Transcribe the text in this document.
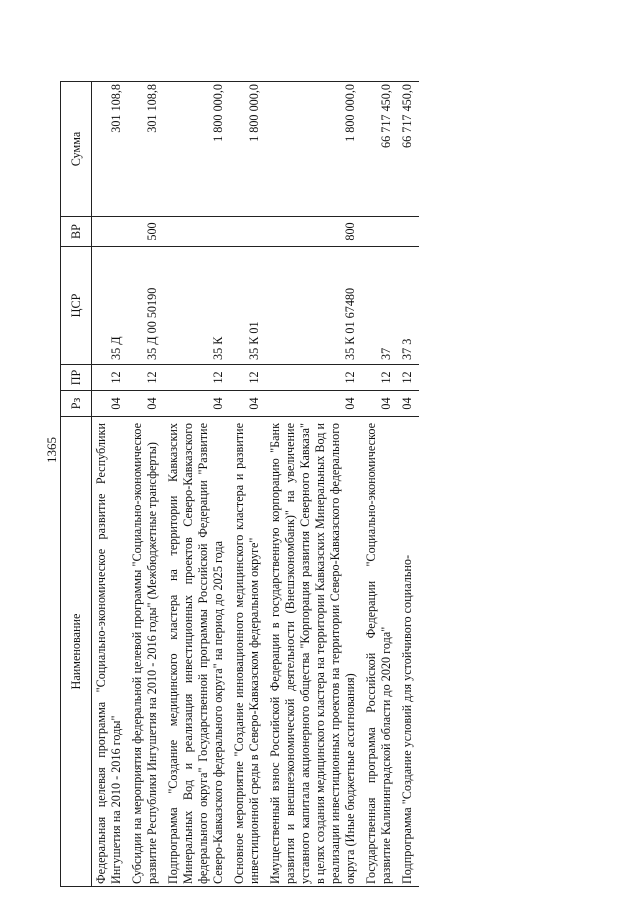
1365
Наименование	Рз	ПР	ЦСР	ВР	Сумма
Федеральная целевая программа "Социально-экономическое развитие Республики Ингушетия на 2010 - 2016 годы"	04	12	35 Д		301 108,8
Субсидии на мероприятия федеральной целевой программы "Социально-экономическое развитие Республики Ингушетия на 2010 - 2016 годы" (Межбюджетные трансферты)	04	12	35 Д 00 50190	500	301 108,8
Подпрограмма "Создание медицинского кластера на территории Кавказских Минеральных Вод и реализация инвестиционных проектов Северо-Кавказского федерального округа" Государственной программы Российской Федерации "Развитие Северо-Кавказского федерального округа" на период до 2025 года	04	12	35 К		1 800 000,0
Основное мероприятие "Создание инновационного медицинского кластера и развитие инвестиционной среды в Северо-Кавказском федеральном округе"	04	12	35 К 01		1 800 000,0
Имущественный взнос Российской Федерации в государственную корпорацию "Банк развития и внешнеэкономической деятельности (Внешэкономбанк)" на увеличение уставного капитала акционерного общества "Корпорация развития Северного Кавказа" в целях создания медицинского кластера на территории Кавказских Минеральных Вод и реализации инвестиционных проектов на территории Северо-Кавказского федерального округа (Иные бюджетные ассигнования)	04	12	35 К 01 67480	800	1 800 000,0
Государственная программа Российской Федерации "Социально-экономическое развитие Калининградской области до 2020 года"	04	12	37		66 717 450,0
Подпрограмма "Создание условий для устойчивого социально-	04	12	37 3		66 717 450,0
